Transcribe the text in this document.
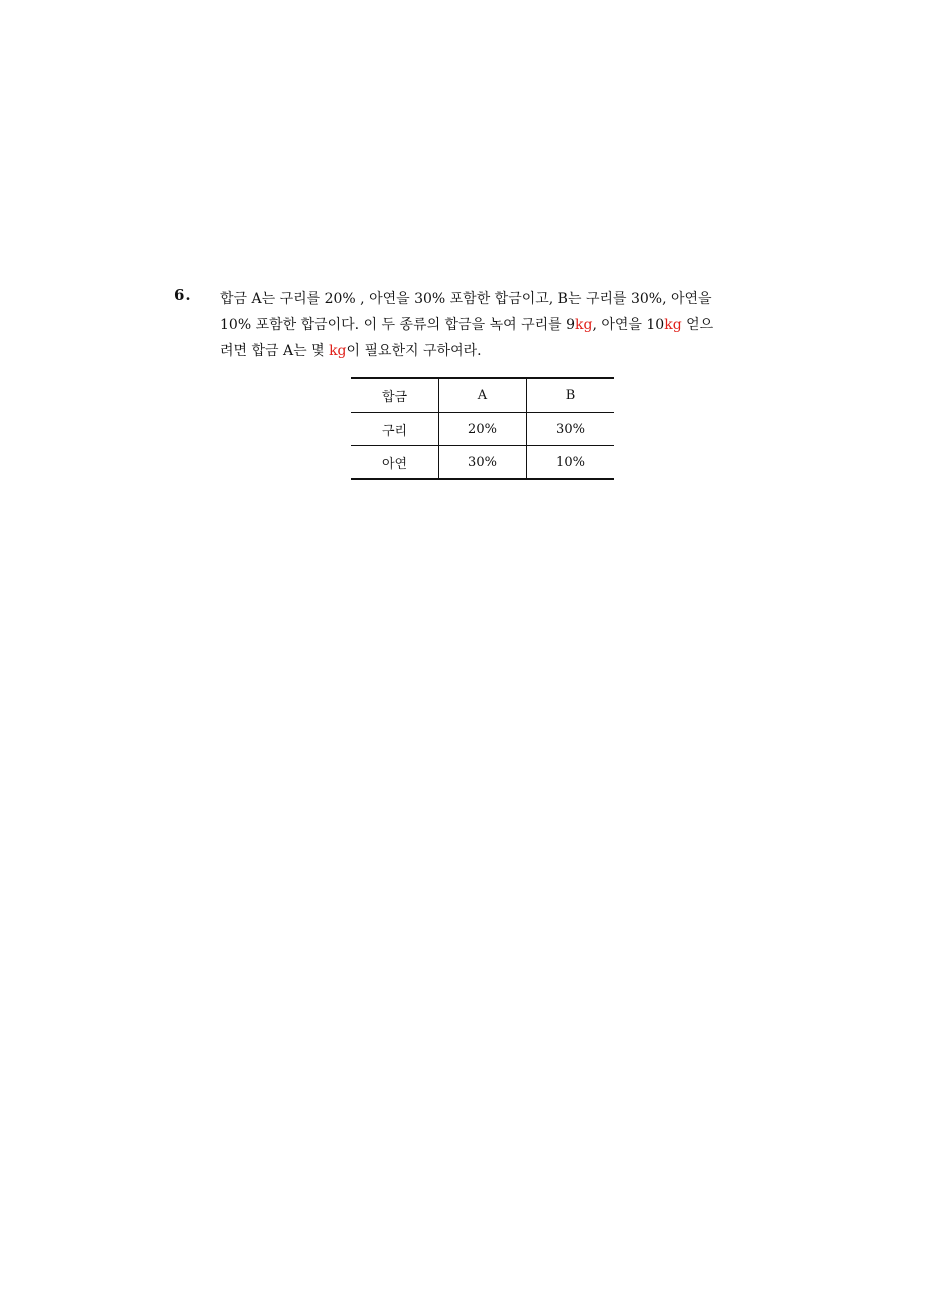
6. 합금 A는 구리를 20% , 아연을 30% 포함한 합금이고, B는 구리를 30%, 아연을
10% 포함한 합금이다. 이 두 종류의 합금을 녹여 구리를 9kg, 아연을 10kg 얻으
려면 합금 A는 몇 kg이 필요한지 구하여라.
합금	A	B
구리	20%	30%
아연	30%	10%
